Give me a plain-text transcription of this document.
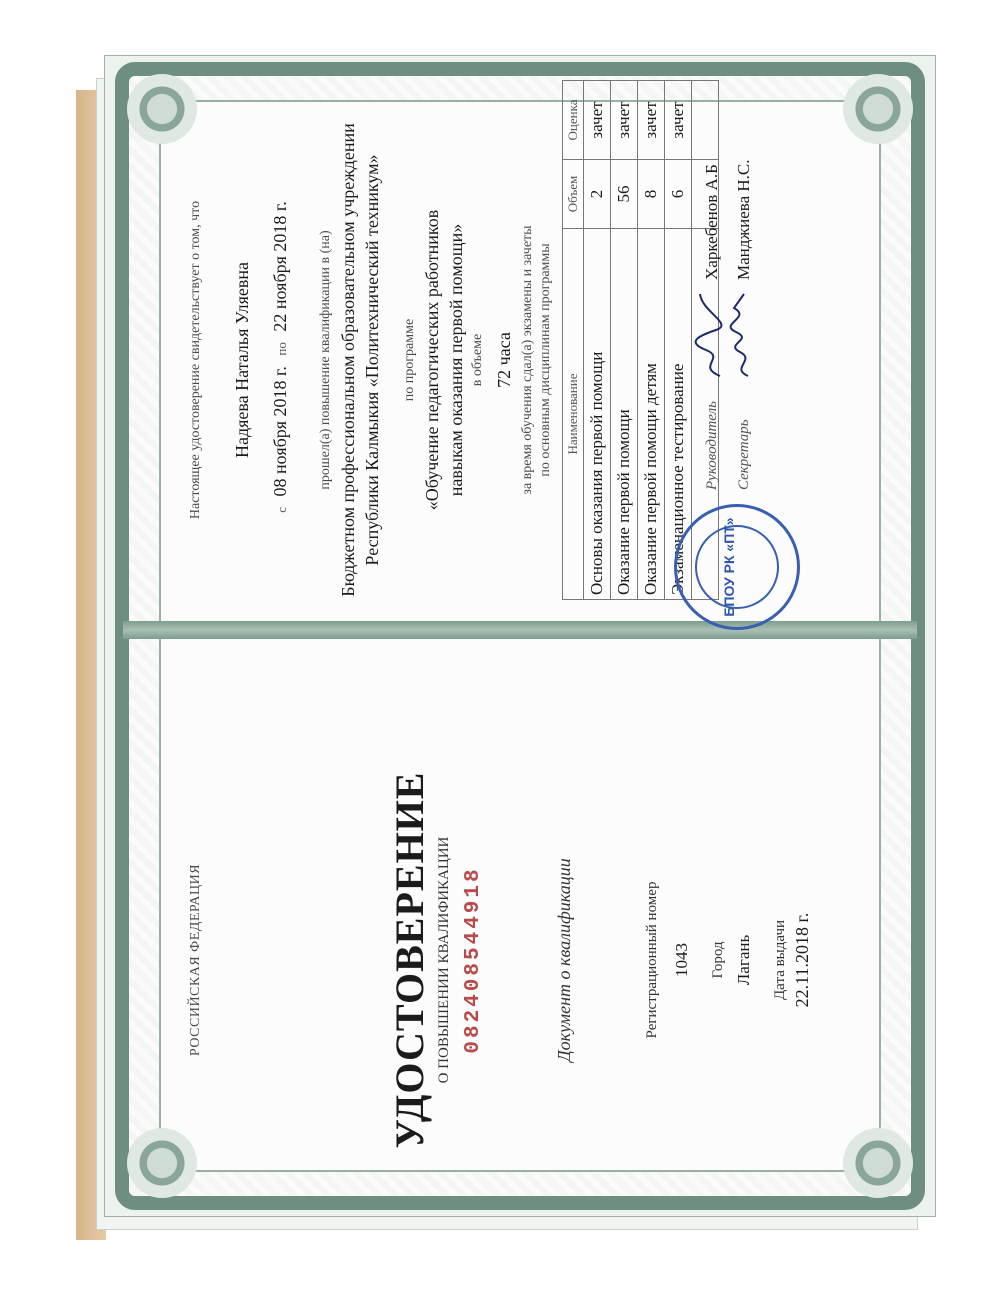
РОССИЙСКАЯ ФЕДЕРАЦИЯ	УДОСТОВЕРЕНИЕ О ПОВЫШЕНИИ КВАЛИФИКАЦИИ 082408544918	Документ о квалификации	Регистрационный номер 1043 Город Лагань Дата выдачи 22.11.2018 г.
Настоящее удостоверение свидетельствует о том, что Надяева Наталья Уляевна
с 08 ноября 2018 г. по 22 ноября 2018 г. прошел(а) повышение квалификации в (на) Бюджетном профессиональном образовательном учреждении Республики Калмыкия «Политехнический техникум» по программе «Обучение педагогических работников навыкам оказания первой помощи» в объеме 72 часа за время обучения сдал(а) экзамены и зачеты по основным дисциплинам программы Наименование	Объем	Оценка
Основы оказания первой помощи	2	зачет
Оказание первой помощи	56	зачет
Оказание первой помощи детям	8	зачет
Экзаменационное тестирование	6	зачет

БПОУ РК «ПТ»
Руководитель
Харкебенов А.Б
Секретарь
Манджиева Н.С.
